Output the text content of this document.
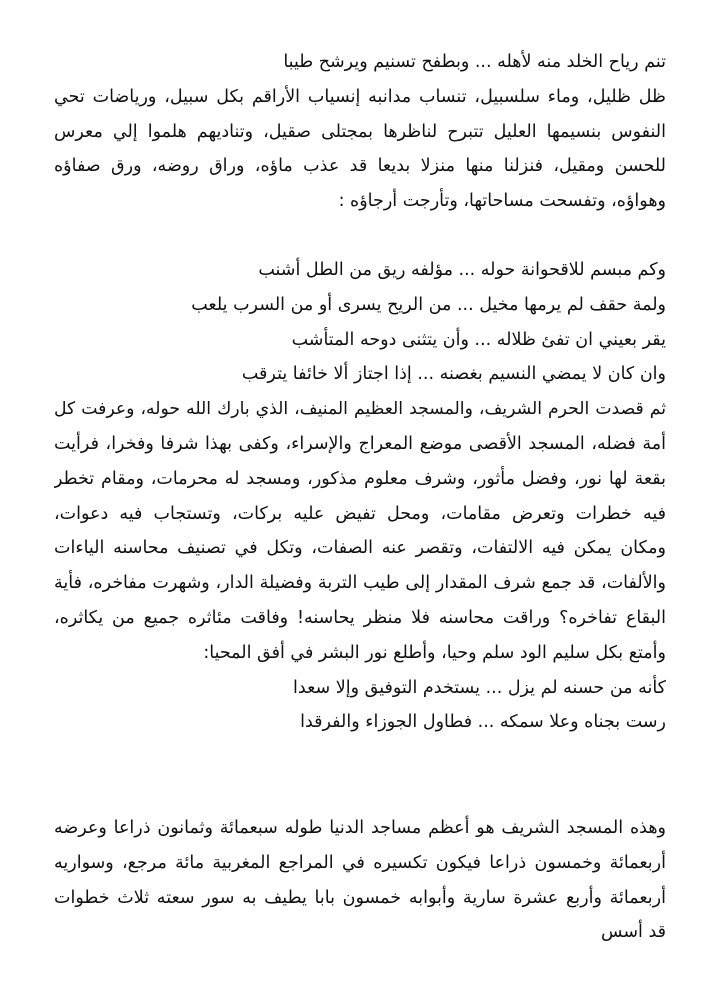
تنم رياح الخلد منه لأهله ... وبطفح تسنيم ويرشح طيبا
ظل ظليل، وماء سلسبيل، تنساب مدانبه إنسياب الأراقم بكل سبيل، ورياضات تحي
النفوس بنسيمها العليل تتبرح لناظرها بمجتلى صقيل، وتناديهم هلموا إلي معرس
للحسن ومقيل، فنزلنا منها منزلا بديعا قد عذب ماؤه، وراق روضه، ورق صفاؤه
وهواؤه، وتفسحت مساحاتها، وتأرجت أرجاؤه :
وكم مبسم للاقحوانة حوله ... مؤلفه ريق من الطل أشنب
ولمة حقف لم يرمها مخيل ... من الريح يسرى أو من السرب يلعب
يقر بعيني ان تفئ ظلاله ... وأن يتثنى دوحه المتأشب
وان كان لا يمضي النسيم بغصنه ... إذا اجتاز ألا خائفا يترقب
ثم قصدت الحرم الشريف، والمسجد العظيم المنيف، الذي بارك الله حوله، وعرفت كل
أمة فضله، المسجد الأقصى موضع المعراج والإسراء، وكفى بهذا شرفا وفخرا، فرأيت
بقعة لها نور، وفضل مأثور، وشرف معلوم مذكور، ومسجد له محرمات، ومقام تخطر
فيه خطرات وتعرض مقامات، ومحل تفيض عليه بركات، وتستجاب فيه دعوات،
ومكان يمكن فيه الالتفات، وتقصر عنه الصفات، وتكل في تصنيف محاسنه الياءات
والألفات، قد جمع شرف المقدار إلى طيب التربة وفضيلة الدار، وشهرت مفاخره، فأية
البقاع تفاخره؟ وراقت محاسنه فلا منظر يحاسنه! وفاقت مئاثره جميع من يكاثره،
وأمتع بكل سليم الود سلم وحيا، وأطلع نور البشر في أفق المحيا:
كأنه من حسنه لم يزل ... يستخدم التوفيق وإلا سعدا
رست بجناه وعلا سمكه ... فطاول الجوزاء والفرقدا
وهذه المسجد الشريف هو أعظم مساجد الدنيا طوله سبعمائة وثمانون ذراعا وعرضه
أربعمائة وخمسون ذراعا فيكون تكسيره في المراجع المغربية مائة مرجع، وسواريه
أربعمائة وأربع عشرة سارية وأبوابه خمسون بابا يطيف به سور سعته ثلاث خطوات
قد أسس
